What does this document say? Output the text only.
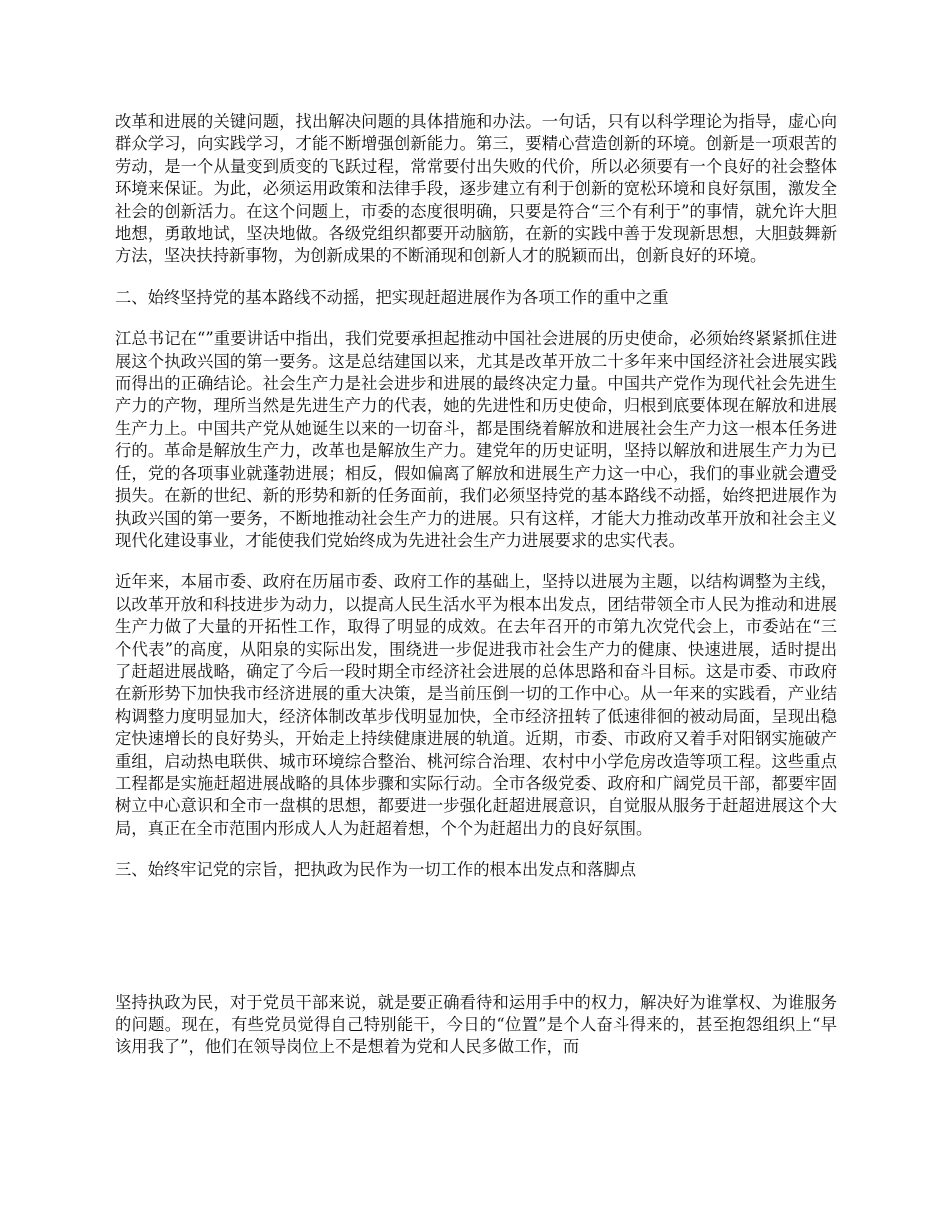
改革和进展的关键问题，找出解决问题的具体措施和办法。一句话，只有以科学理论为指导，虚心向群众学习，向实践学习，才能不断增强创新能力。第三，要精心营造创新的环境。创新是一项艰苦的劳动，是一个从量变到质变的飞跃过程，常常要付出失败的代价，所以必须要有一个良好的社会整体环境来保证。为此，必须运用政策和法律手段，逐步建立有利于创新的宽松环境和良好氛围，激发全社会的创新活力。在这个问题上，市委的态度很明确，只要是符合“三个有利于”的事情，就允许大胆地想，勇敢地试，坚决地做。各级党组织都要开动脑筋，在新的实践中善于发现新思想，大胆鼓舞新方法，坚决扶持新事物，为创新成果的不断涌现和创新人才的脱颖而出，创新良好的环境。

二、始终坚持党的基本路线不动摇，把实现赶超进展作为各项工作的重中之重

江总书记在“”重要讲话中指出，我们党要承担起推动中国社会进展的历史使命，必须始终紧紧抓住进展这个执政兴国的第一要务。这是总结建国以来，尤其是改革开放二十多年来中国经济社会进展实践而得出的正确结论。社会生产力是社会进步和进展的最终决定力量。中国共产党作为现代社会先进生产力的产物，理所当然是先进生产力的代表，她的先进性和历史使命，归根到底要体现在解放和进展生产力上。中国共产党从她诞生以来的一切奋斗，都是围绕着解放和进展社会生产力这一根本任务进行的。革命是解放生产力，改革也是解放生产力。建党年的历史证明，坚持以解放和进展生产力为已任，党的各项事业就蓬勃进展；相反，假如偏离了解放和进展生产力这一中心，我们的事业就会遭受损失。在新的世纪、新的形势和新的任务面前，我们必须坚持党的基本路线不动摇，始终把进展作为执政兴国的第一要务，不断地推动社会生产力的进展。只有这样，才能大力推动改革开放和社会主义现代化建设事业，才能使我们党始终成为先进社会生产力进展要求的忠实代表。

近年来，本届市委、政府在历届市委、政府工作的基础上，坚持以进展为主题，以结构调整为主线，以改革开放和科技进步为动力，以提高人民生活水平为根本出发点，团结带领全市人民为推动和进展生产力做了大量的开拓性工作，取得了明显的成效。在去年召开的市第九次党代会上，市委站在“三个代表”的高度，从阳泉的实际出发，围绕进一步促进我市社会生产力的健康、快速进展，适时提出了赶超进展战略，确定了今后一段时期全市经济社会进展的总体思路和奋斗目标。这是市委、市政府在新形势下加快我市经济进展的重大决策，是当前压倒一切的工作中心。从一年来的实践看，产业结构调整力度明显加大，经济体制改革步伐明显加快，全市经济扭转了低速徘徊的被动局面，呈现出稳定快速增长的良好势头，开始走上持续健康进展的轨道。近期，市委、市政府又着手对阳钢实施破产重组，启动热电联供、城市环境综合整治、桃河综合治理、农村中小学危房改造等项工程。这些重点工程都是实施赶超进展战略的具体步骤和实际行动。全市各级党委、政府和广阔党员干部，都要牢固树立中心意识和全市一盘棋的思想，都要进一步强化赶超进展意识，自觉服从服务于赶超进展这个大局，真正在全市范围内形成人人为赶超着想，个个为赶超出力的良好氛围。

三、始终牢记党的宗旨，把执政为民作为一切工作的根本出发点和落脚点

坚持执政为民，对于党员干部来说，就是要正确看待和运用手中的权力，解决好为谁掌权、为谁服务的问题。现在，有些党员觉得自己特别能干，今日的“位置”是个人奋斗得来的，甚至抱怨组织上“早该用我了”，他们在领导岗位上不是想着为党和人民多做工作，而
